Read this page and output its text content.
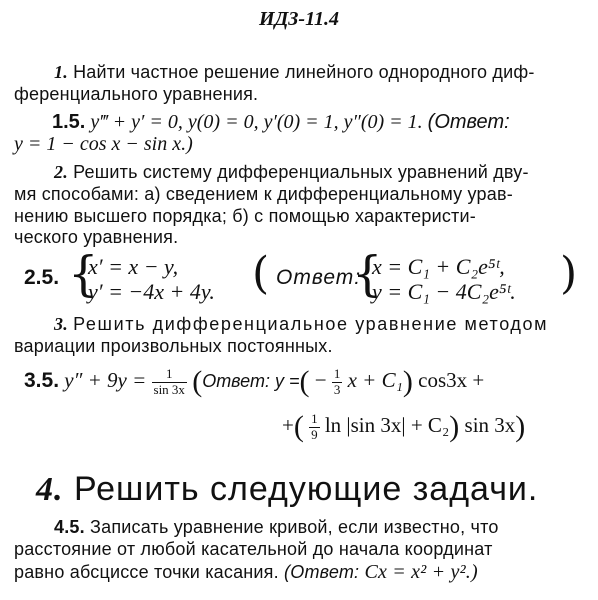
ИДЗ-11.4
1. Найти частное решение линейного однородного диф-
ференциального уравнения.
1.5. y‴ + y′ = 0, y(0) = 0, y′(0) = 1, y″(0) = 1. (Ответ:
y = 1 − cos x − sin x.)
2. Решить систему дифференциальных уравнений дву-
мя способами: а) сведением к дифференциальному урав-
нению высшего порядка; б) с помощью характеристи-
ческого уравнения.
2.5. {
x′ = x − y,
y′ = −4x + 4y. ( Ответ:
{
x = C₁ + C₂e⁵ᵗ,
y = C₁ − 4C₂e⁵ᵗ. )
3. Решить дифференциальное уравнение методом
вариации произвольных постоянных.
3.5. $y'' + 9y = \frac{1}{\sin 3x}$ (Ответ: y =( − $\frac{1}{3}$ x + C₁) cos3x +
+( $\frac{1}{9}$ ln |sin 3x| + C₂) sin 3x)
4. Решить следующие задачи.
4.5. Записать уравнение кривой, если известно, что
расстояние от любой касательной до начала координат
равно абсциссе точки касания. (Ответ: Cx = x² + y².)
